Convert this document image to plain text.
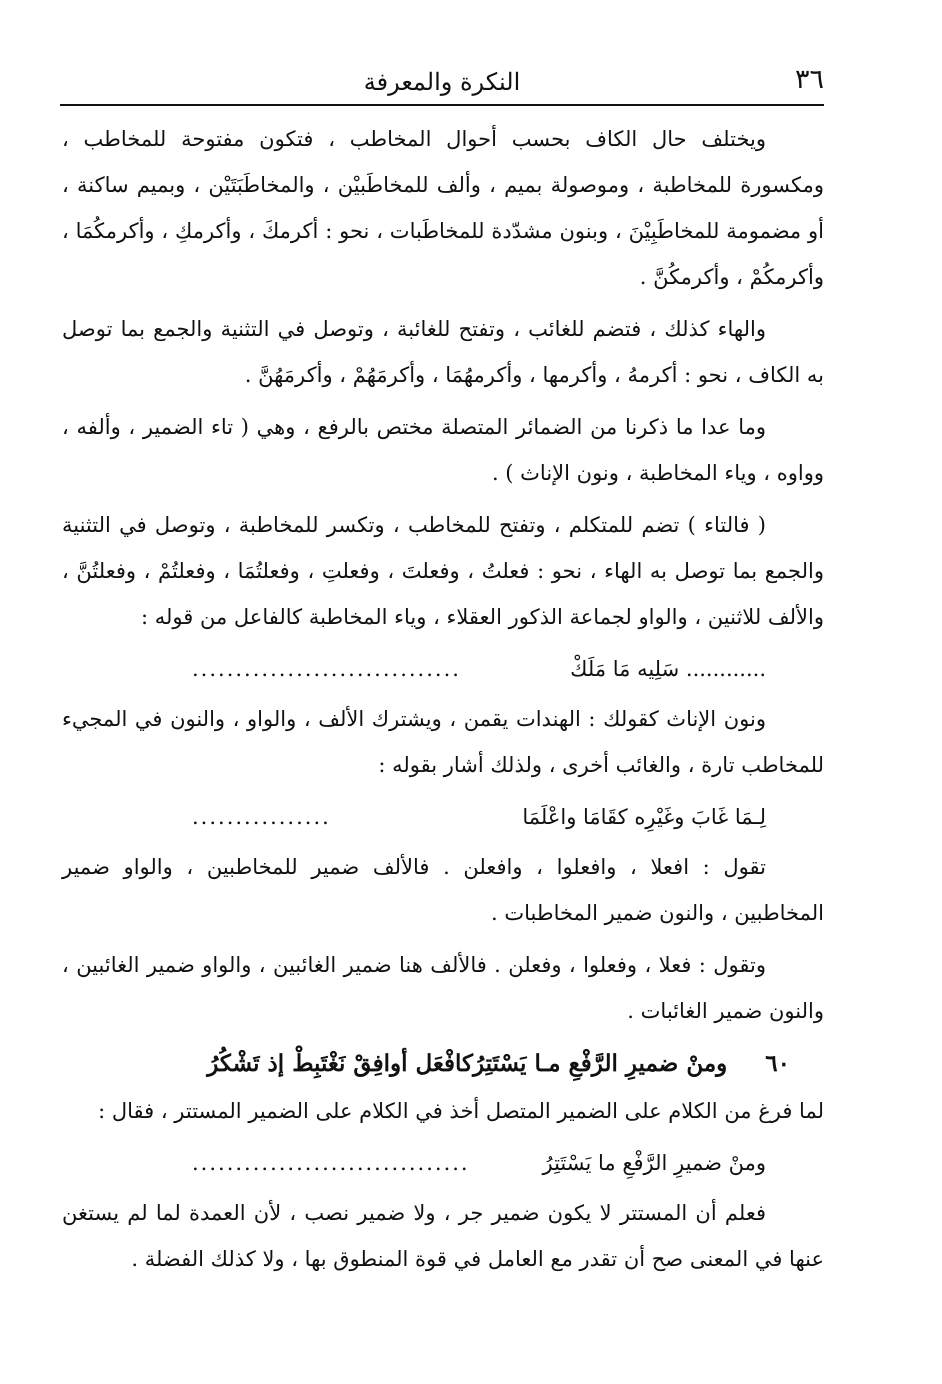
٣٦
النكرة والمعرفة

ويختلف حال الكاف بحسب أحوال المخاطب ، فتكون مفتوحة للمخاطب ، ومكسورة للمخاطبة ، وموصولة بميم ، وألف للمخاطَبيْن ، والمخاطَبَتَيْن ، وبميم ساكنة ، أو مضمومة للمخاطَبِيْنَ ، وبنون مشدّدة للمخاطَبات ، نحو : أكرمكَ ، وأكرمكِ ، وأكرمكُمَا ، وأكرمكُمْ ، وأكرمكُنَّ .

والهاء كذلك ، فتضم للغائب ، وتفتح للغائبة ، وتوصل في التثنية والجمع بما توصل به الكاف ، نحو : أكرمهُ ، وأكرمها ، وأكرمهُمَا ، وأكرمَهُمْ ، وأكرمَهُنَّ .

وما عدا ما ذكرنا من الضمائر المتصلة مختص بالرفع ، وهي ( تاء الضمير ، وألفه ، وواوه ، وياء المخاطبة ، ونون الإناث ) .

( فالتاء ) تضم للمتكلم ، وتفتح للمخاطب ، وتكسر للمخاطبة ، وتوصل في التثنية والجمع بما توصل به الهاء ، نحو : فعلتُ ، وفعلتَ ، وفعلتِ ، وفعلتُمَا ، وفعلتُمْ ، وفعلتُنَّ ، والألف للاثنين ، والواو لجماعة الذكور العقلاء ، وياء المخاطبة كالفاعل من قوله :

............ سَلِيه مَا مَلَكْ
...............................

ونون الإناث كقولك : الهندات يقمن ، ويشترك الألف ، والواو ، والنون في المجيء للمخاطب تارة ، والغائب أخرى ، ولذلك أشار بقوله :

لِـمَا غَابَ وغَيْرِه كقَامَا واعْلَمَا
................

تقول : افعلا ، وافعلوا ، وافعلن . فالألف ضمير للمخاطبين ، والواو ضمير المخاطبين ، والنون ضمير المخاطبات .

وتقول : فعلا ، وفعلوا ، وفعلن . فالألف هنا ضمير الغائبين ، والواو ضمير الغائبين ، والنون ضمير الغائبات .

٦٠ ومنْ ضميرِ الرَّفْعِ مـا يَسْتَتِرُ
كافْعَل أوافِقْ نَغْتَبِطْ إذ تَشْكُرُ

لما فرغ من الكلام على الضمير المتصل أخذ في الكلام على الضمير المستتر ، فقال :

ومنْ ضميرِ الرَّفْعِ ما يَسْتَتِرُ
................................

فعلم أن المستتر لا يكون ضمير جر ، ولا ضمير نصب ، لأن العمدة لما لم يستغن عنها في المعنى صح أن تقدر مع العامل في قوة المنطوق بها ، ولا كذلك الفضلة .
